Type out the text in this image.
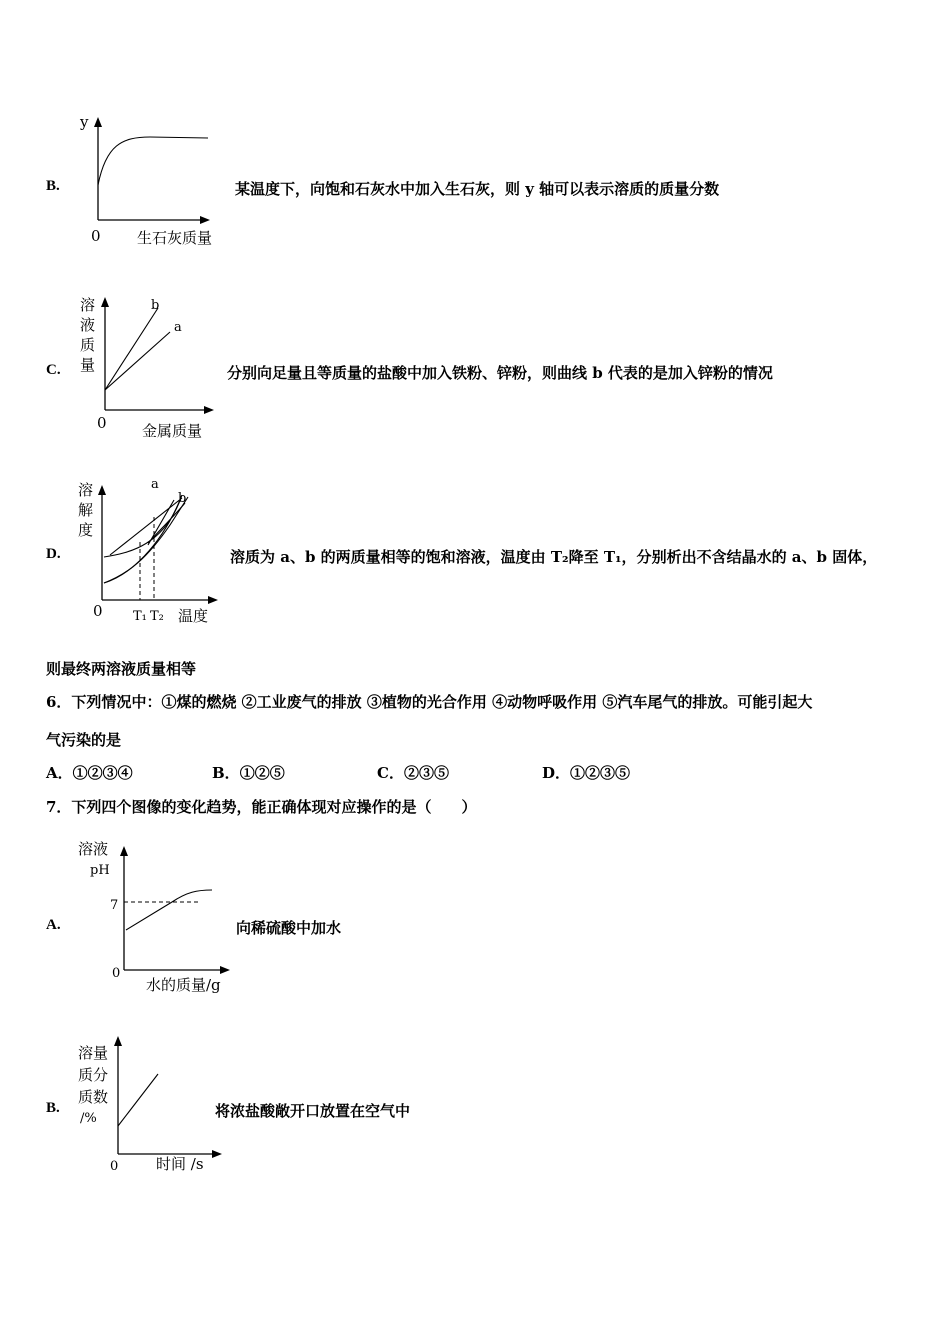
B.
y
0 生石灰质量
某温度下，向饱和石灰水中加入生石灰，则 y 轴可以表示溶质的质量分数
C.
溶
液
质
量
b
a
0 金属质量
分别向足量且等质量的盐酸中加入铁粉、锌粉，则曲线 b 代表的是加入锌粉的情况
D.
溶
解
度
a
b
0 T₁ T₂ 温度
溶质为 a、b 的两质量相等的饱和溶液，温度由 T₂降至 T₁，分别析出不含结晶水的 a、b 固体，
则最终两溶液质量相等
6．下列情况中：①煤的燃烧 ②工业废气的排放 ③植物的光合作用 ④动物呼吸作用 ⑤汽车尾气的排放。可能引起大
气污染的是
A．①②③④	B．①②⑤	C．②③⑤	D．①②③⑤
7．下列四个图像的变化趋势，能正确体现对应操作的是（　　）
A.
溶液
pH
7
0
水的质量/g
向稀硫酸中加水
B.
溶量
质分
质数
/%
0	时间 /s
将浓盐酸敞开口放置在空气中
